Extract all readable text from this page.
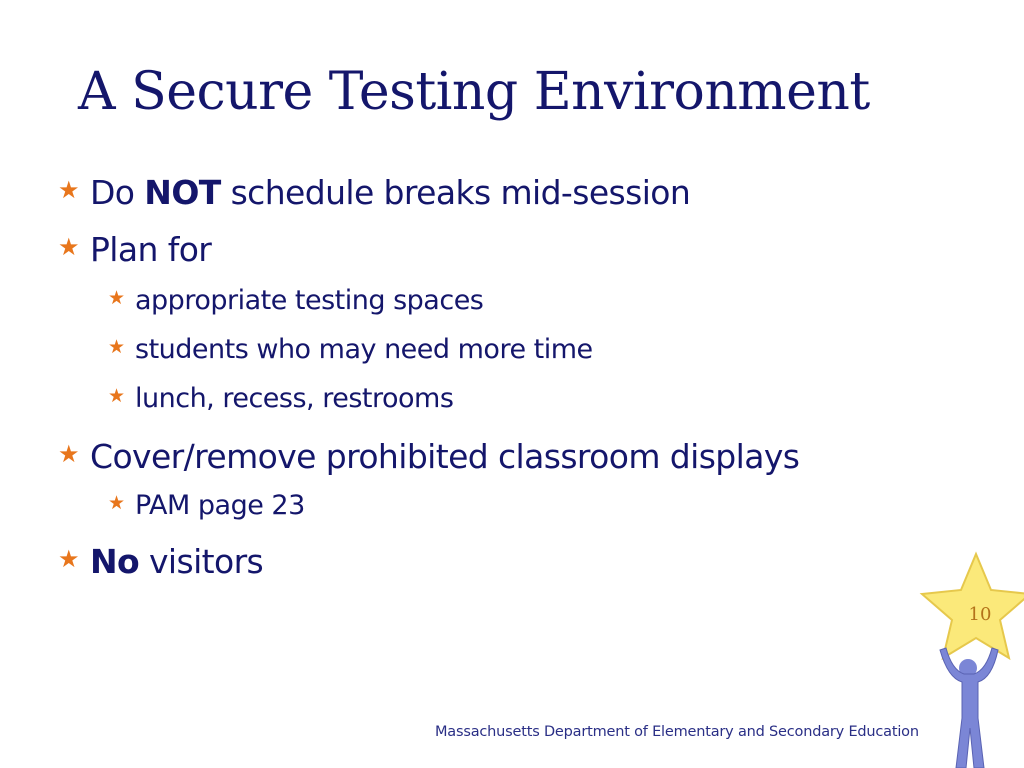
A Secure Testing Environment
★ Do NOT schedule breaks mid-session
★ Plan for
★ appropriate testing spaces
★ students who may need more time
★ lunch, recess, restrooms
★ Cover/remove prohibited classroom displays
★ PAM page 23
★ No visitors
10
Massachusetts Department of Elementary and Secondary Education
